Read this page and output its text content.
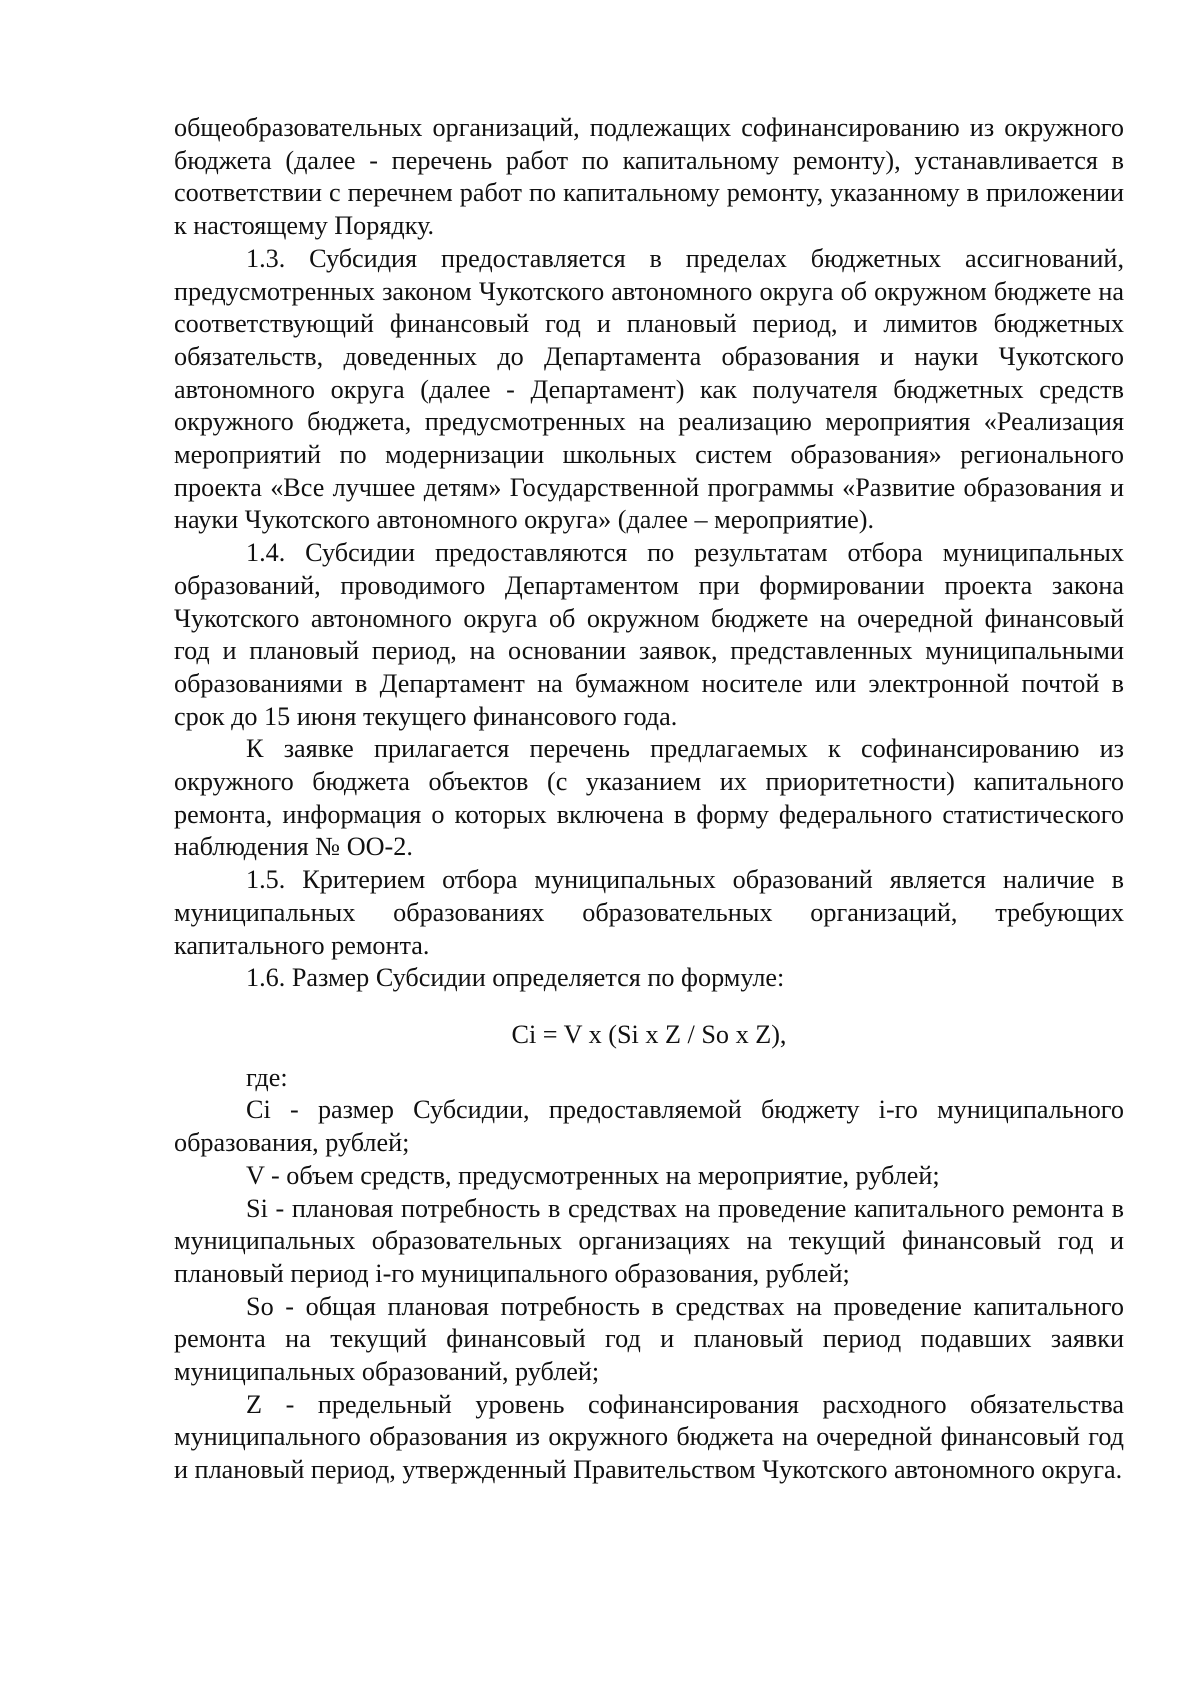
общеобразовательных организаций, подлежащих софинансированию из окружного бюджета (далее - перечень работ по капитальному ремонту), устанавливается в соответствии с перечнем работ по капитальному ремонту, указанному в приложении к настоящему Порядку.

1.3. Субсидия предоставляется в пределах бюджетных ассигнований, предусмотренных законом Чукотского автономного округа об окружном бюджете на соответствующий финансовый год и плановый период, и лимитов бюджетных обязательств, доведенных до Департамента образования и науки Чукотского автономного округа (далее - Департамент) как получателя бюджетных средств окружного бюджета, предусмотренных на реализацию мероприятия «Реализация мероприятий по модернизации школьных систем образования» регионального проекта «Все лучшее детям» Государственной программы «Развитие образования и науки Чукотского автономного округа» (далее – мероприятие).

1.4. Субсидии предоставляются по результатам отбора муниципальных образований, проводимого Департаментом при формировании проекта закона Чукотского автономного округа об окружном бюджете на очередной финансовый год и плановый период, на основании заявок, представленных муниципальными образованиями в Департамент на бумажном носителе или электронной почтой в срок до 15 июня текущего финансового года.

К заявке прилагается перечень предлагаемых к софинансированию из окружного бюджета объектов (с указанием их приоритетности) капитального ремонта, информация о которых включена в форму федерального статистического наблюдения № ОО-2.

1.5. Критерием отбора муниципальных образований является наличие в муниципальных образованиях образовательных организаций, требующих капитального ремонта.

1.6. Размер Субсидии определяется по формуле:

Ci = V x (Si x Z / So x Z),

где:

Ci - размер Субсидии, предоставляемой бюджету i-го муниципального образования, рублей;

V - объем средств, предусмотренных на мероприятие, рублей;

Si - плановая потребность в средствах на проведение капитального ремонта в муниципальных образовательных организациях на текущий финансовый год и плановый период i-го муниципального образования, рублей;

So - общая плановая потребность в средствах на проведение капитального ремонта на текущий финансовый год и плановый период подавших заявки муниципальных образований, рублей;

Z - предельный уровень софинансирования расходного обязательства муниципального образования из окружного бюджета на очередной финансовый год и плановый период, утвержденный Правительством Чукотского автономного округа.
